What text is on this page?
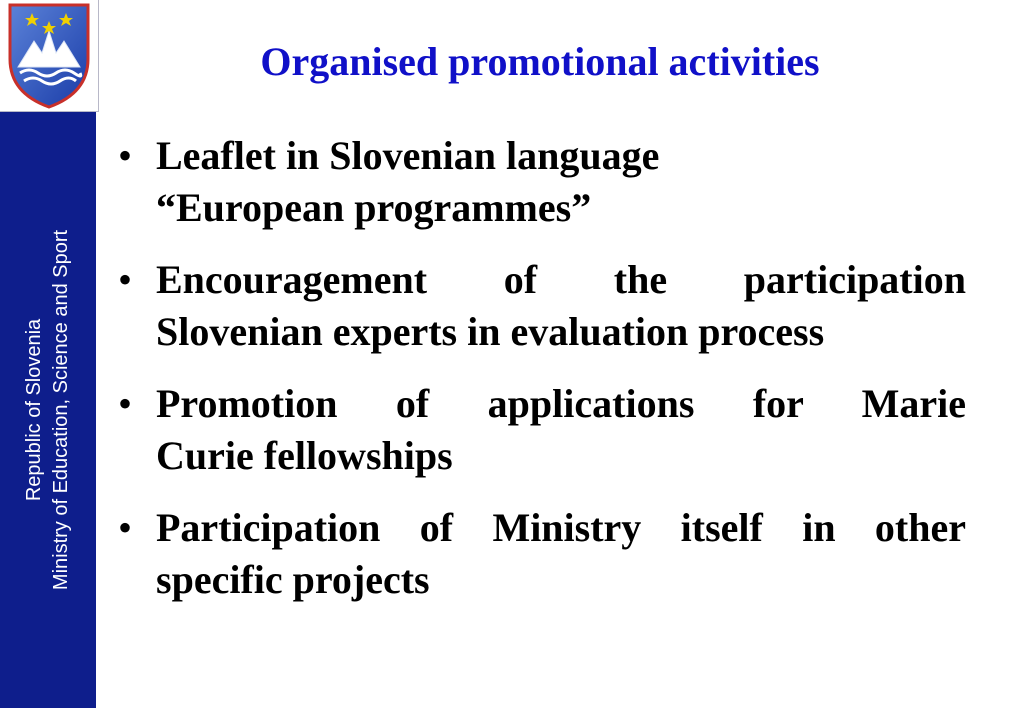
Republic of Slovenia Ministry of Education, Science and Sport
Organised promotional activities
• Leaflet in Slovenian language
“European programmes”
• Encouragement of the participation
Slovenian experts in evaluation process
• Promotion of applications for Marie
Curie fellowships
• Participation of Ministry itself in other
specific projects
